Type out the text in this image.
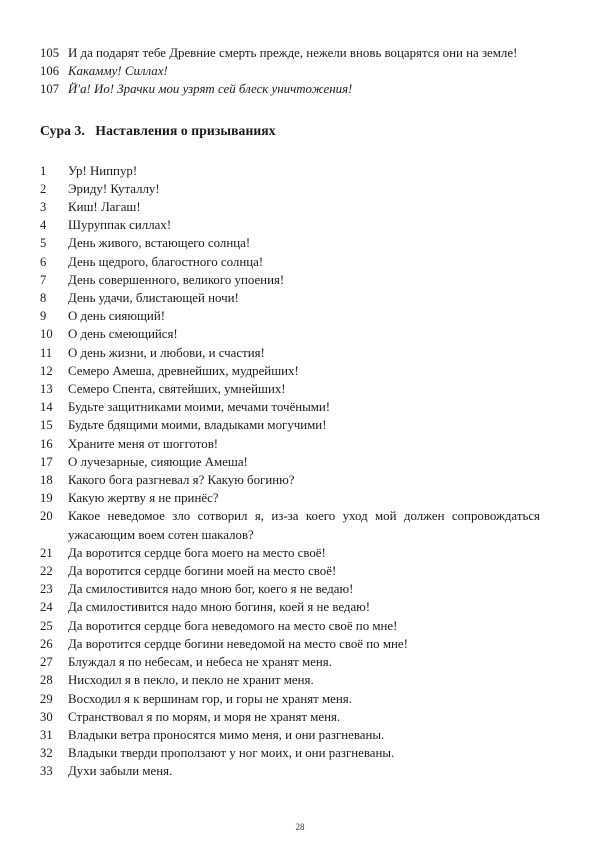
105 И да подарят тебе Древние смерть прежде, нежели вновь воцарятся они на земле!
106 Какамму! Силлах!
107 Й'а! Ио! Зрачки мои узрят сей блеск уничтожения!
Сура 3.   Наставления о призываниях
1	Ур! Ниппур!
2	Эриду! Куталлу!
3	Киш! Лагаш!
4	Шуруппак силлах!
5	День живого, встающего солнца!
6	День щедрого, благостного солнца!
7	День совершенного, великого упоения!
8	День удачи, блистающей ночи!
9	О день сияющий!
10	О день смеющийся!
11	О день жизни, и любови, и счастия!
12	Семеро Амеша, древнейших, мудрейших!
13	Семеро Спента, святейших, умнейших!
14	Будьте защитниками моими, мечами точёными!
15	Будьте бдящими моими, владыками могучими!
16	Храните меня от шогготов!
17	О лучезарные, сияющие Амеша!
18	Какого бога разгневал я? Какую богиню?
19	Какую жертву я не принёс?
20	Какое неведомое зло сотворил я, из-за коего уход мой должен сопровождаться ужасающим воем сотен шакалов?
21	Да воротится сердце бога моего на место своё!
22	Да воротится сердце богини моей на место своё!
23	Да смилостивится надо мною бог, коего я не ведаю!
24	Да смилостивится надо мною богиня, коей я не ведаю!
25	Да воротится сердце бога неведомого на место своё по мне!
26	Да воротится сердце богини неведомой на место своё по мне!
27	Блуждал я по небесам, и небеса не хранят меня.
28	Нисходил я в пекло, и пекло не хранит меня.
29	Восходил я к вершинам гор, и горы не хранят меня.
30	Странствовал я по морям, и моря не хранят меня.
31	Владыки ветра проносятся мимо меня, и они разгневаны.
32	Владыки тверди проползают у ног моих, и они разгневаны.
33	Духи забыли меня.
28
